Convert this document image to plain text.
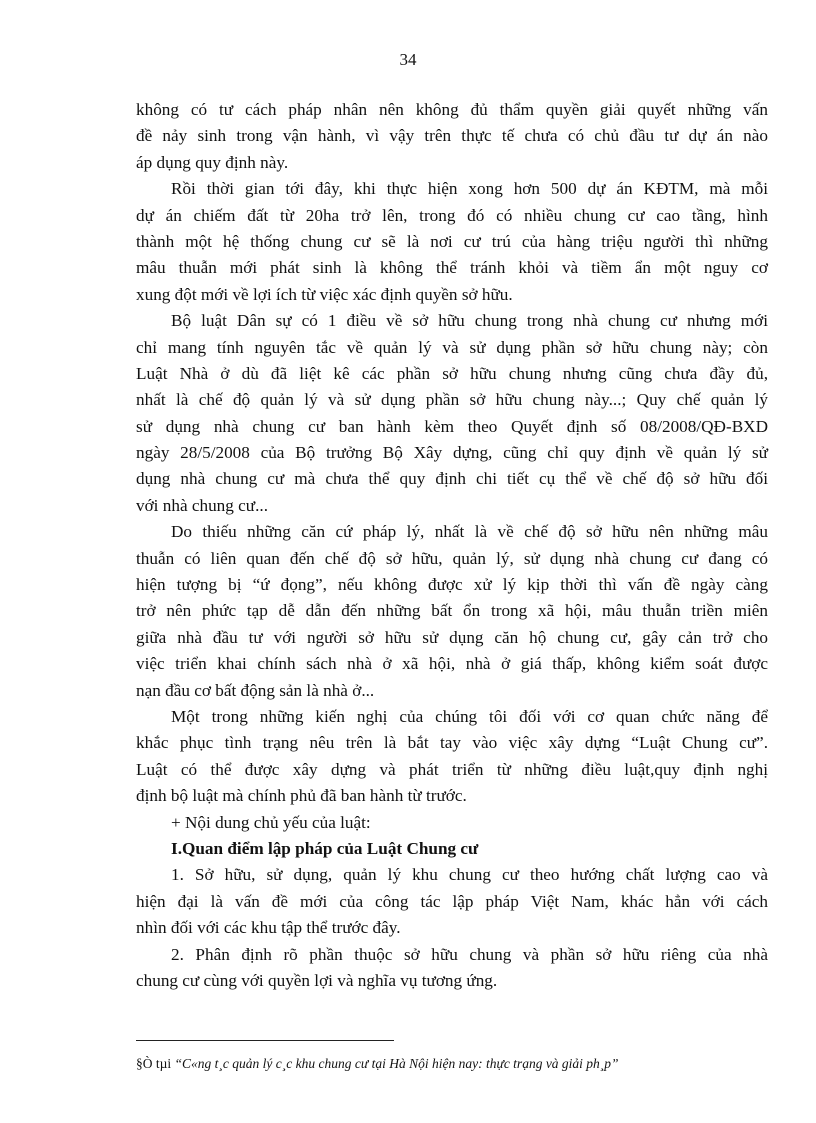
34
không có tư cách pháp nhân nên không đủ thẩm quyền giải quyết những vấn
đề nảy sinh trong vận hành, vì vậy trên thực tế chưa có chủ đầu tư dự án nào
áp dụng quy định này.
Rồi thời gian tới đây, khi thực hiện xong hơn 500 dự án KĐTM, mà mỗi
dự án chiếm đất từ 20ha trở lên, trong đó có nhiều chung cư cao tầng, hình
thành một hệ thống chung cư sẽ là nơi cư trú của hàng triệu người thì những
mâu thuẫn mới phát sinh là không thể tránh khỏi và tiềm ẩn một nguy cơ
xung đột mới về lợi ích từ việc xác định quyền sở hữu.
Bộ luật Dân sự có 1 điều về sở hữu chung trong nhà chung cư nhưng mới
chỉ mang tính nguyên tắc về quản lý và sử dụng phần sở hữu chung này; còn
Luật Nhà ở dù đã liệt kê các phần sở hữu chung nhưng cũng chưa đầy đủ,
nhất là chế độ quản lý và sử dụng phần sở hữu chung này...; Quy chế quản lý
sử dụng nhà chung cư ban hành kèm theo Quyết định số 08/2008/QĐ-BXD
ngày 28/5/2008 của Bộ trưởng Bộ Xây dựng, cũng chỉ quy định về quản lý sử
dụng nhà chung cư mà chưa thể quy định chi tiết cụ thể về chế độ sở hữu đối
với nhà chung cư...
Do thiếu những căn cứ pháp lý, nhất là về chế độ sở hữu nên những mâu
thuẫn có liên quan đến chế độ sở hữu, quản lý, sử dụng nhà chung cư đang có
hiện tượng bị “ứ đọng”, nếu không được xử lý kịp thời thì vấn đề ngày càng
trở nên phức tạp dễ dẫn đến những bất ổn trong xã hội, mâu thuẫn triền miên
giữa nhà đầu tư với người sở hữu sử dụng căn hộ chung cư, gây cản trở cho
việc triển khai chính sách nhà ở xã hội, nhà ở giá thấp, không kiểm soát được
nạn đầu cơ bất động sản là nhà ở...
Một trong những kiến nghị của chúng tôi đối với cơ quan chức năng để
khắc phục tình trạng nêu trên là bắt tay vào việc xây dựng “Luật Chung cư”.
Luật có thể được xây dựng và phát triển từ những điều luật,quy định nghị
định bộ luật mà chính phủ đã ban hành từ trước.
+ Nội dung chủ yếu của luật:
I.Quan điểm lập pháp của Luật Chung cư
1. Sở hữu, sử dụng, quản lý khu chung cư theo hướng chất lượng cao và
hiện đại là vấn đề mới của công tác lập pháp Việt Nam, khác hẳn với cách
nhìn đối với các khu tập thể trước đây.
2. Phân định rõ phần thuộc sở hữu chung và phần sở hữu riêng của nhà
chung cư cùng với quyền lợi và nghĩa vụ tương ứng.
§Ò tµi “C«ng t¸c quản lý c¸c khu chung cư tại Hà Nội hiện nay: thực trạng và giải ph¸p”
